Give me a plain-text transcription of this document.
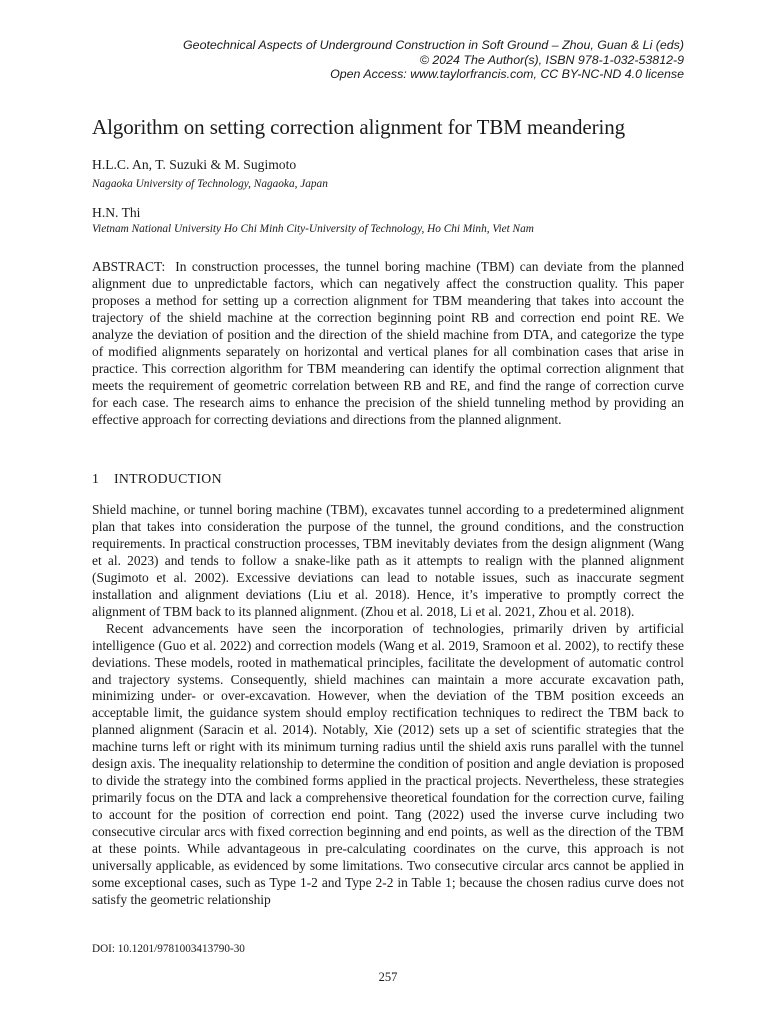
Geotechnical Aspects of Underground Construction in Soft Ground – Zhou, Guan & Li (eds)
© 2024 The Author(s), ISBN 978-1-032-53812-9
Open Access: www.taylorfrancis.com, CC BY-NC-ND 4.0 license
Algorithm on setting correction alignment for TBM meandering
H.L.C. An, T. Suzuki & M. Sugimoto
Nagaoka University of Technology, Nagaoka, Japan
H.N. Thi
Vietnam National University Ho Chi Minh City-University of Technology, Ho Chi Minh, Viet Nam

ABSTRACT: In construction processes, the tunnel boring machine (TBM) can deviate from the planned alignment due to unpredictable factors, which can negatively affect the construction quality. This paper proposes a method for setting up a correction alignment for TBM meandering that takes into account the trajectory of the shield machine at the correction beginning point RB and correction end point RE. We analyze the deviation of position and the direction of the shield machine from DTA, and categorize the type of modified alignments separately on horizontal and vertical planes for all combination cases that arise in practice. This correction algorithm for TBM meandering can identify the optimal correction alignment that meets the requirement of geometric correlation between RB and RE, and find the range of correction curve for each case. The research aims to enhance the precision of the shield tunneling method by providing an effective approach for correcting deviations and directions from the planned alignment.

1 INTRODUCTION

Shield machine, or tunnel boring machine (TBM), excavates tunnel according to a predetermined alignment plan that takes into consideration the purpose of the tunnel, the ground conditions, and the construction requirements. In practical construction processes, TBM inevitably deviates from the design alignment (Wang et al. 2023) and tends to follow a snake-like path as it attempts to realign with the planned alignment (Sugimoto et al. 2002). Excessive deviations can lead to notable issues, such as inaccurate segment installation and alignment deviations (Liu et al. 2018). Hence, it’s imperative to promptly correct the alignment of TBM back to its planned alignment. (Zhou et al. 2018, Li et al. 2021, Zhou et al. 2018).

Recent advancements have seen the incorporation of technologies, primarily driven by artificial intelligence (Guo et al. 2022) and correction models (Wang et al. 2019, Sramoon et al. 2002), to rectify these deviations. These models, rooted in mathematical principles, facilitate the development of automatic control and trajectory systems. Consequently, shield machines can maintain a more accurate excavation path, minimizing under- or over-excavation. However, when the deviation of the TBM position exceeds an acceptable limit, the guidance system should employ rectification techniques to redirect the TBM back to planned alignment (Saracin et al. 2014). Notably, Xie (2012) sets up a set of scientific strategies that the machine turns left or right with its minimum turning radius until the shield axis runs parallel with the tunnel design axis. The inequality relationship to determine the condition of position and angle deviation is proposed to divide the strategy into the combined forms applied in the practical projects. Nevertheless, these strategies primarily focus on the DTA and lack a comprehensive theoretical foundation for the correction curve, failing to account for the position of correction end point. Tang (2022) used the inverse curve including two consecutive circular arcs with fixed correction beginning and end points, as well as the direction of the TBM at these points. While advantageous in pre-calculating coordinates on the curve, this approach is not universally applicable, as evidenced by some limitations. Two consecutive circular arcs cannot be applied in some exceptional cases, such as Type 1-2 and Type 2-2 in Table 1; because the chosen radius curve does not satisfy the geometric relationship

DOI: 10.1201/9781003413790-30
257
